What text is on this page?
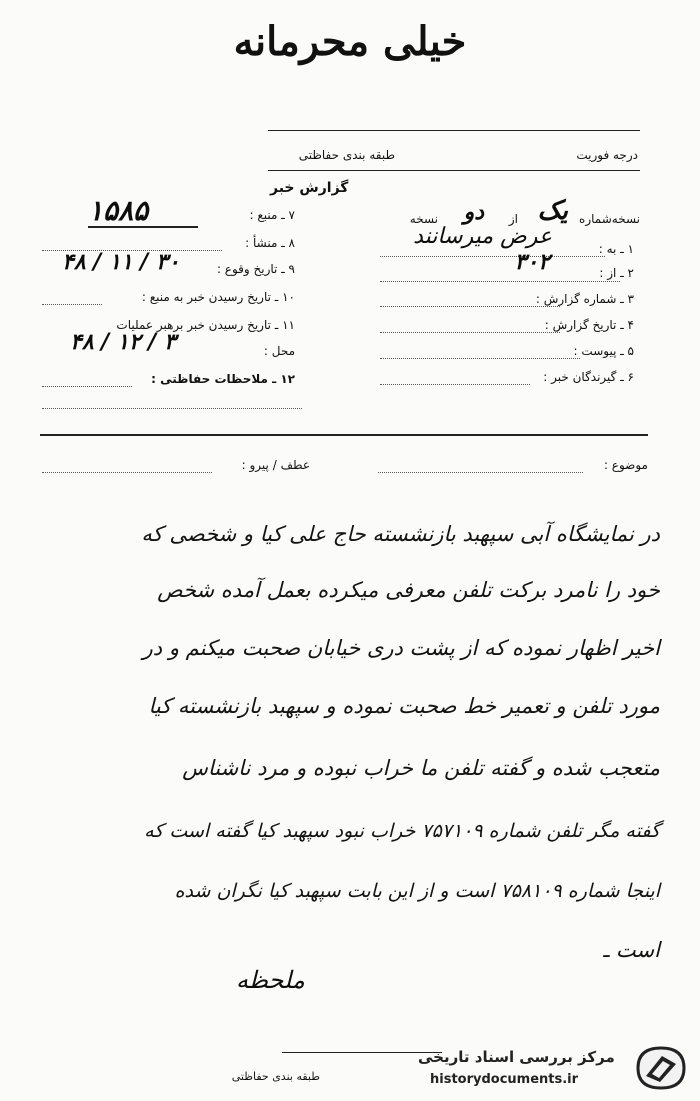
خیلی محرمانه
طبقه بندی حفاظتی	درجه فوریت
گزارش خبر
نسخه‌شماره
یک
از
دو
نسخه
۱ ـ به :
عرض میرسانند
۲ ـ از :
۳۰۲
۳ ـ شماره گزارش :
۴ ـ تاریخ گزارش :
۵ ـ پیوست :
۶ ـ گیرندگان خبر :
۷ ـ منبع :
۱۵۸۵
۸ ـ منشأ :
۹ ـ تاریخ وقوع :
۳۰ / ۱۱ / ۴۸
۱۰ ـ تاریخ رسیدن خبر به منبع :
۱۱ ـ تاریخ رسیدن خبر برهبر عملیات
محل :
۳ / ۱۲ / ۴۸
۱۲ ـ ملاحظات حفاظتی :
موضوع :
عطف / پیرو :
در نمایشگاه آبی سپهبد بازنشسته حاج علی کیا و شخصی که
خود را نامرد برکت تلفن معرفی میکرده بعمل آمده شخص
اخیر اظهار نموده که از پشت دری خیابان صحبت میکنم و در
مورد تلفن و تعمیر خط صحبت نموده و سپهبد بازنشسته کیا
متعجب شده و گفته تلفن ما خراب نبوده و مرد ناشناس
گفته مگر تلفن شماره ۷۵۷۱۰۹ خراب نبود سپهبد کیا گفته است که
اینجا شماره ۷۵۸۱۰۹ است و از این بابت سپهبد کیا نگران شده
است ـ
ملحظه
طبقه بندی حفاظتی
مرکز بررسی اسناد تاریخی
historydocuments.ir
